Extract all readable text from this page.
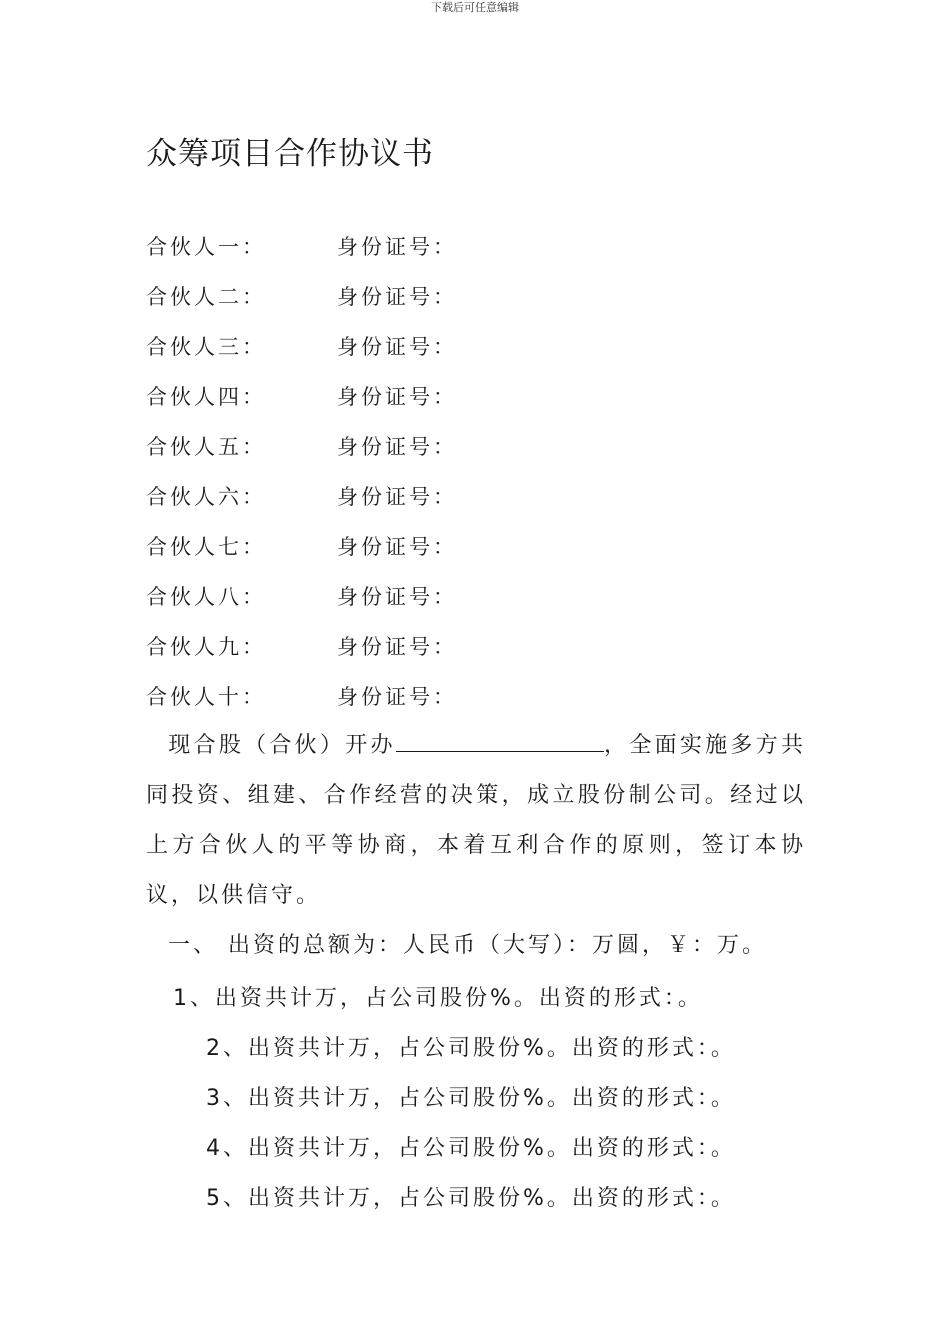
下载后可任意编辑
众筹项目合作协议书
合伙人一：	身份证号：
合伙人二：	身份证号：
合伙人三：	身份证号：
合伙人四：	身份证号：
合伙人五：	身份证号：
合伙人六：	身份证号：
合伙人七：	身份证号：
合伙人八：	身份证号：
合伙人九：	身份证号：
合伙人十：	身份证号：
现合股（合伙）开办	，全面实施多方共同投资、组建、合作经营的决策，成立股份制公司。经过以上方合伙人的平等协商，本着互利合作的原则，签订本协议，以供信守。
一、 出资的总额为：人民币（大写）：万圆，￥：万。
1、出资共计万，占公司股份%。出资的形式：。
2、出资共计万，占公司股份%。出资的形式：。
3、出资共计万，占公司股份%。出资的形式：。
4、出资共计万，占公司股份%。出资的形式：。
5、出资共计万，占公司股份%。出资的形式：。
